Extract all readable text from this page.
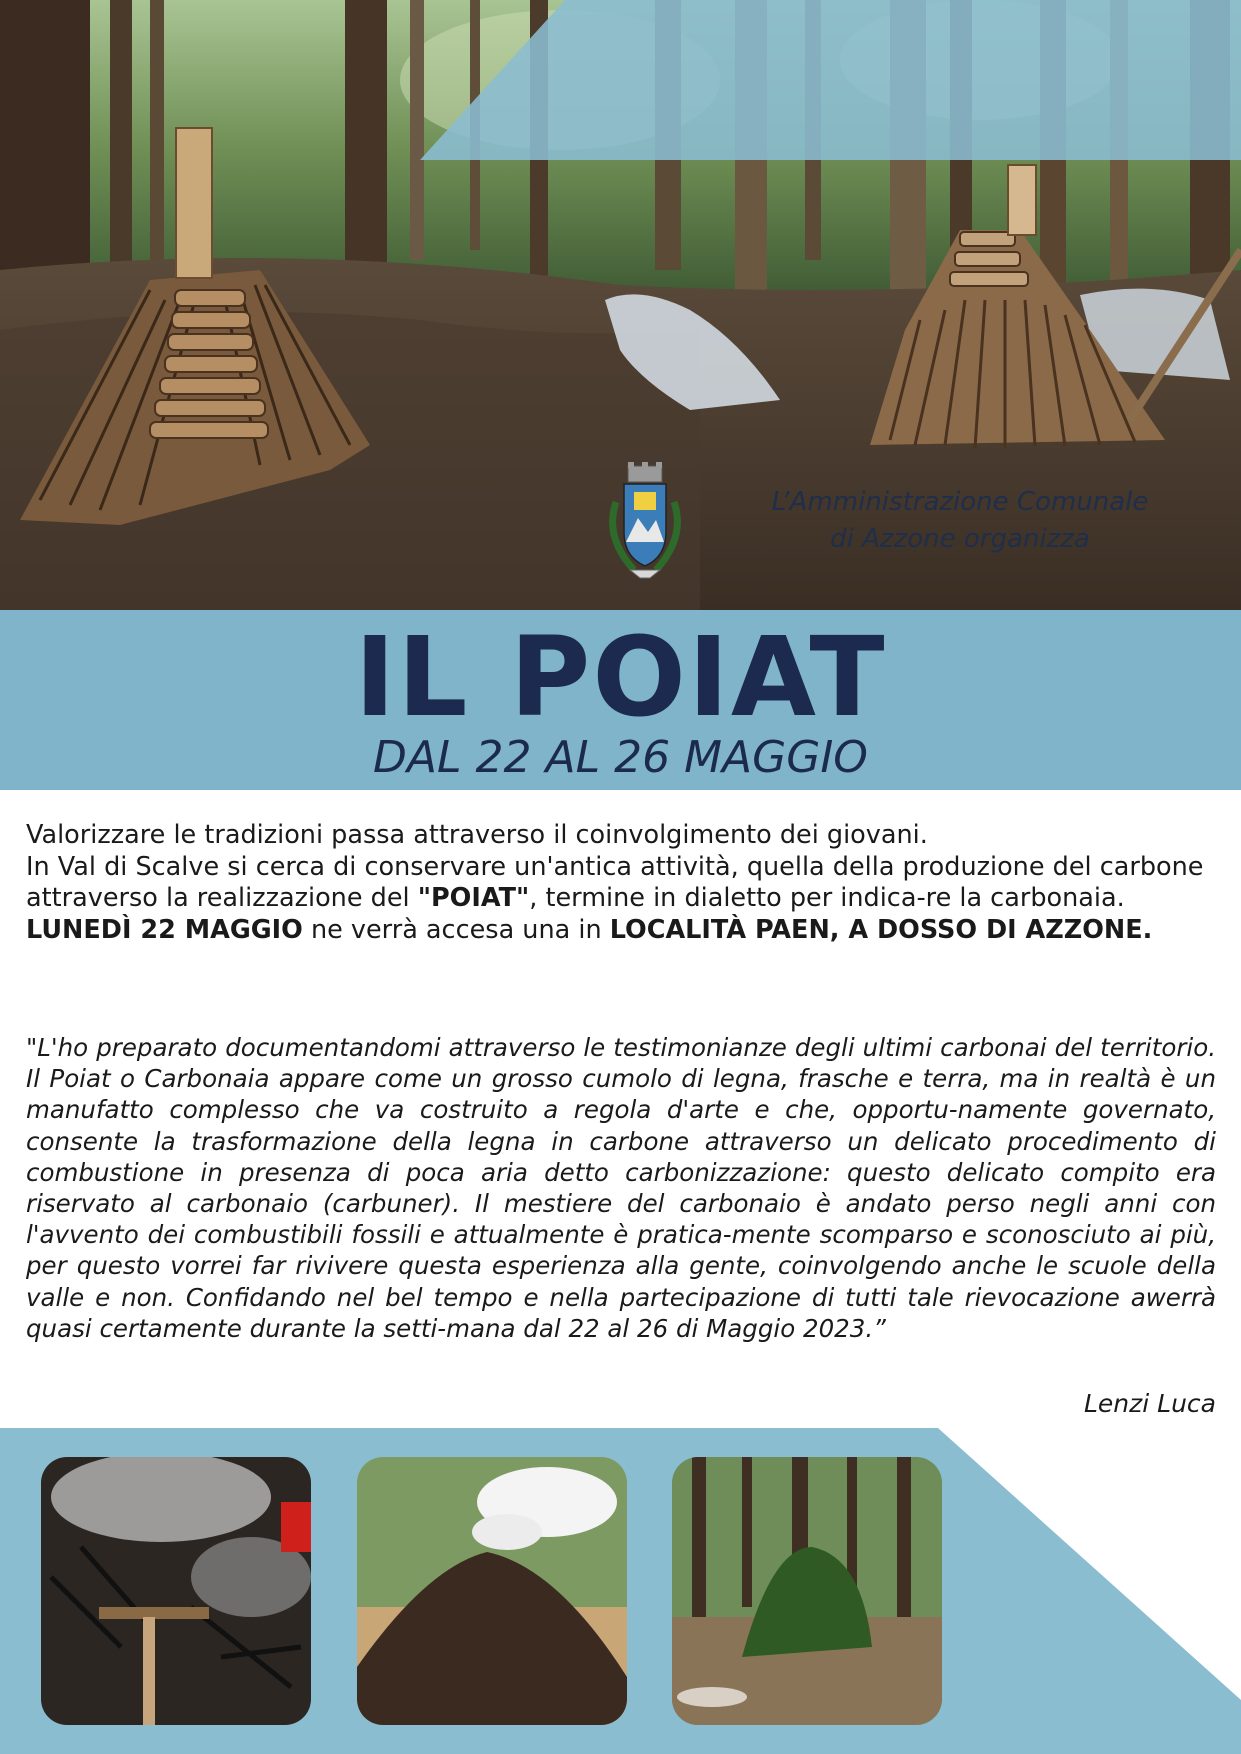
L’Amministrazione Comunale
di Azzone organizza
IL POIAT
DAL 22 AL 26 MAGGIO
Valorizzare le tradizioni passa attraverso il coinvolgimento dei giovani.
In Val di Scalve si cerca di conservare un'antica attività, quella della produzione del carbone attraverso la realizzazione del "POIAT", termine in dialetto per indica-re la carbonaia. LUNEDÌ 22 MAGGIO ne verrà accesa una in LOCALITÀ PAEN, A DOSSO DI AZZONE.
"L'ho preparato documentandomi attraverso le testimonianze degli ultimi carbonai del territorio. Il Poiat o Carbonaia appare come un grosso cumolo di legna, frasche e terra, ma in realtà è un manufatto complesso che va costruito a regola d'arte e che, opportu-namente governato, consente la trasformazione della legna in carbone attraverso un delicato procedimento di combustione in presenza di poca aria detto carbonizzazione: questo delicato compito era riservato al carbonaio (carbuner). Il mestiere del carbonaio è andato perso negli anni con l'avvento dei combustibili fossili e attualmente è pratica-mente scomparso e sconosciuto ai più, per questo vorrei far rivivere questa esperienza alla gente, coinvolgendo anche le scuole della valle e non. Confidando nel bel tempo e nella partecipazione di tutti tale rievocazione awerrà quasi certamente durante la setti-mana dal 22 al 26 di Maggio 2023.”
Lenzi Luca
